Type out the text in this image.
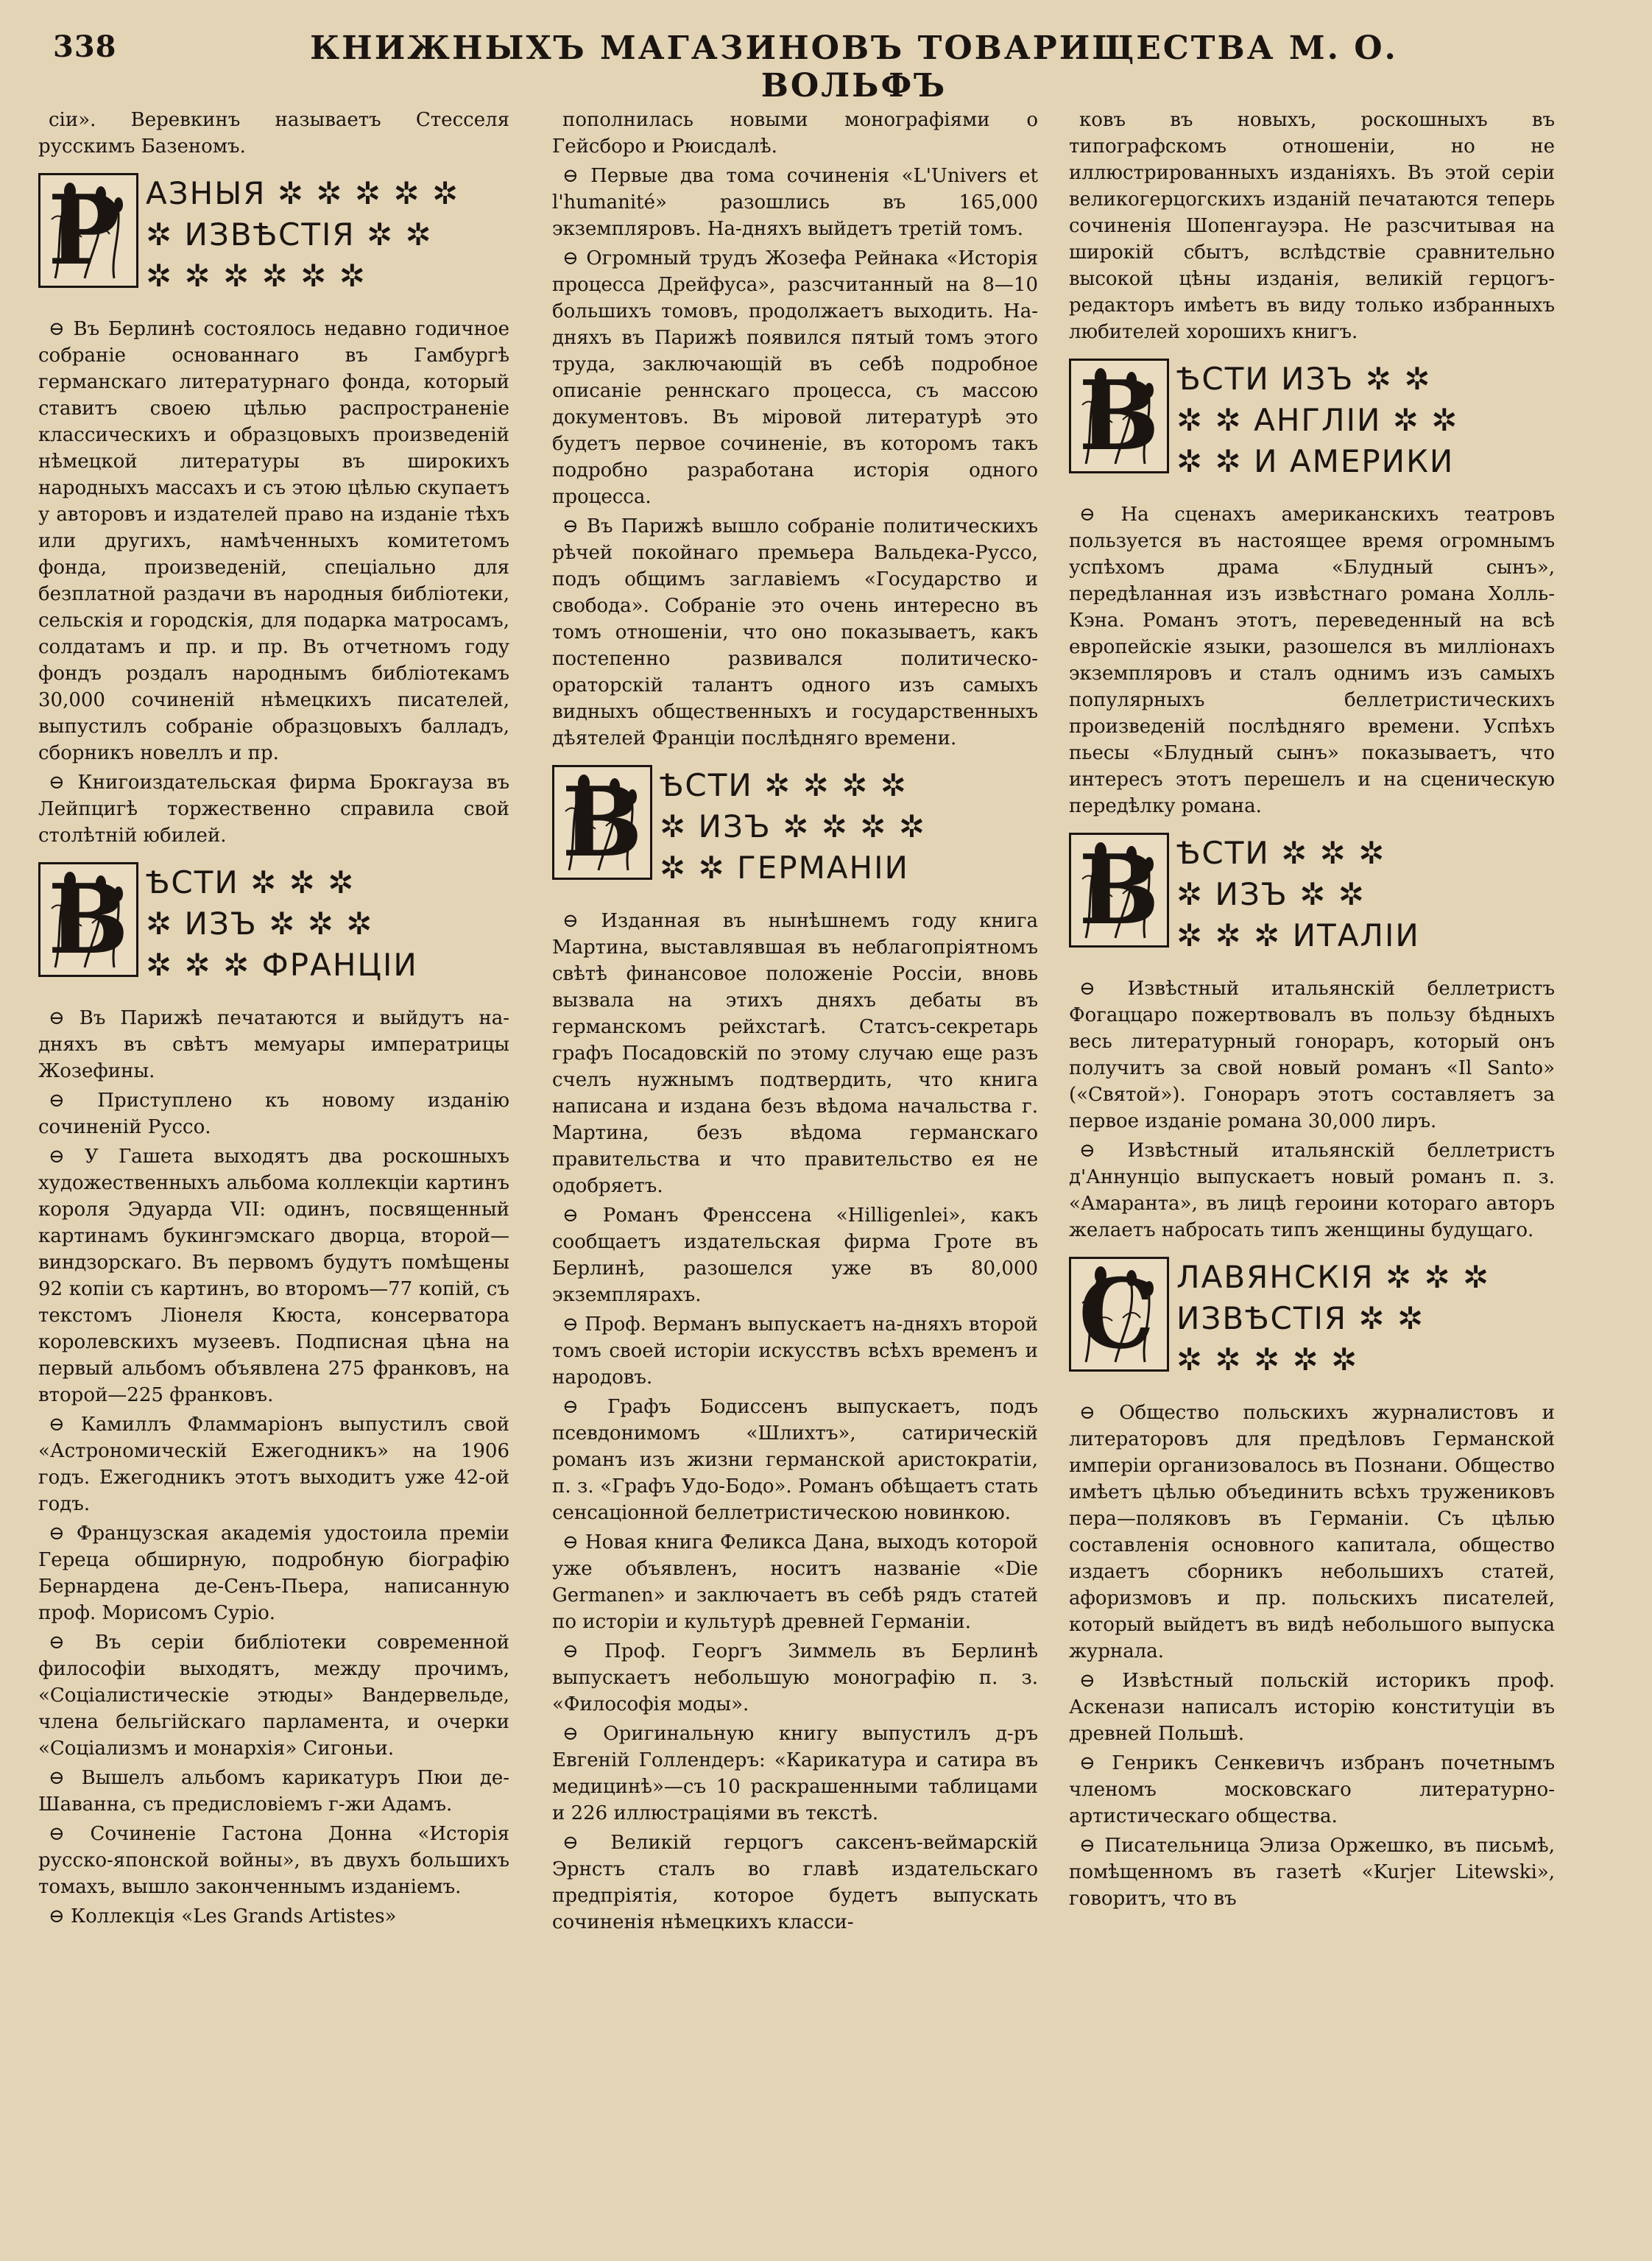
338	КНИЖНЫХЪ МАГАЗИНОВЪ ТОВАРИЩЕСТВА М. О. ВОЛЬФЪ

сіи». Веревкинъ называетъ Стесселя русскимъ Базеномъ.

Р АЗНЫЯ ✲ ✲ ✲ ✲ ✲
✲ ИЗВѢСТІЯ ✲ ✲
✲ ✲ ✲ ✲ ✲ ✲

⊖ Въ Берлинѣ состоялось недавно годичное собраніе основаннаго въ Гамбургѣ германскаго литературнаго фонда, который ставитъ своею цѣлью распространеніе классическихъ и образцовыхъ произведеній нѣмецкой литературы въ широкихъ народныхъ массахъ и съ этою цѣлью скупаетъ у авторовъ и издателей право на изданіе тѣхъ или другихъ, намѣченныхъ комитетомъ фонда, произведеній, спеціально для безплатной раздачи въ народныя библіотеки, сельскія и городскія, для подарка матросамъ, солдатамъ и пр. и пр. Въ отчетномъ году фондъ роздалъ народнымъ библіотекамъ 30,000 сочиненій нѣмецкихъ писателей, выпустилъ собраніе образцовыхъ балладъ, сборникъ новеллъ и пр.

⊖ Книгоиздательская фирма Брокгауза въ Лейпцигѣ торжественно справила свой столѣтній юбилей.

В ѢСТИ ✲ ✲ ✲
✲ ИЗЪ ✲ ✲ ✲
✲ ✲ ✲ ФРАНЦІИ

⊖ Въ Парижѣ печатаются и выйдутъ на-дняхъ въ свѣтъ мемуары императрицы Жозефины.

⊖ Приступлено къ новому изданію сочиненій Руссо.

⊖ У Гашета выходятъ два роскошныхъ художественныхъ альбома коллекціи картинъ короля Эдуарда VII: одинъ, посвященный картинамъ букингэмскаго дворца, второй—виндзорскаго. Въ первомъ будутъ помѣщены 92 копіи съ картинъ, во второмъ—77 копій, съ текстомъ Ліонеля Кюста, консерватора королевскихъ музеевъ. Подписная цѣна на первый альбомъ объявлена 275 франковъ, на второй—225 франковъ.

⊖ Камиллъ Фламмаріонъ выпустилъ свой «Астрономическій Ежегодникъ» на 1906 годъ. Ежегодникъ этотъ выходитъ уже 42-ой годъ.

⊖ Французская академія удостоила преміи Гереца обширную, подробную біографію Бернардена де-Сенъ-Пьера, написанную проф. Морисомъ Суріо.

⊖ Въ серіи библіотеки современной философіи выходятъ, между прочимъ, «Соціалистическіе этюды» Вандервельде, члена бельгійскаго парламента, и очерки «Соціализмъ и монархія» Сигоньи.

⊖ Вышелъ альбомъ карикатуръ Пюи де-Шаванна, съ предисловіемъ г-жи Адамъ.

⊖ Сочиненіе Гастона Донна «Исторія русско-японской войны», въ двухъ большихъ томахъ, вышло законченнымъ изданіемъ.

⊖ Коллекція «Les Grands Artistes»

пополнилась новыми монографіями о Гейсборо и Рюисдалѣ.

⊖ Первые два тома сочиненія «L'Univers et l'humanité» разошлись въ 165,000 экземпляровъ. На-дняхъ выйдетъ третій томъ.

⊖ Огромный трудъ Жозефа Рейнака «Исторія процесса Дрейфуса», разсчитанный на 8—10 большихъ томовъ, продолжаетъ выходить. На-дняхъ въ Парижѣ появился пятый томъ этого труда, заключающій въ себѣ подробное описаніе реннскаго процесса, съ массою документовъ. Въ міровой литературѣ это будетъ первое сочиненіе, въ которомъ такъ подробно разработана исторія одного процесса.

⊖ Въ Парижѣ вышло собраніе политическихъ рѣчей покойнаго премьера Вальдека-Руссо, подъ общимъ заглавіемъ «Государство и свобода». Собраніе это очень интересно въ томъ отношеніи, что оно показываетъ, какъ постепенно развивался политическо-ораторскій талантъ одного изъ самыхъ видныхъ общественныхъ и государственныхъ дѣятелей Франціи послѣдняго времени.

В ѢСТИ ✲ ✲ ✲ ✲
✲ ИЗЪ ✲ ✲ ✲ ✲
✲ ✲ ГЕРМАНІИ

⊖ Изданная въ нынѣшнемъ году книга Мартина, выставлявшая въ неблагопріятномъ свѣтѣ финансовое положеніе Россіи, вновь вызвала на этихъ дняхъ дебаты въ германскомъ рейхстагѣ. Статсъ-секретарь графъ Посадовскій по этому случаю еще разъ счелъ нужнымъ подтвердить, что книга написана и издана безъ вѣдома начальства г. Мартина, безъ вѣдома германскаго правительства и что правительство ея не одобряетъ.

⊖ Романъ Френссена «Hilligenlei», какъ сообщаетъ издательская фирма Гроте въ Берлинѣ, разошелся уже въ 80,000 экземплярахъ.

⊖ Проф. Верманъ выпускаетъ на-дняхъ второй томъ своей исторіи искусствъ всѣхъ временъ и народовъ.

⊖ Графъ Бодиссенъ выпускаетъ, подъ псевдонимомъ «Шлихтъ», сатирическій романъ изъ жизни германской аристократіи, п. з. «Графъ Удо-Бодо». Романъ обѣщаетъ стать сенсаціонной беллетристическою новинкою.

⊖ Новая книга Феликса Дана, выходъ которой уже объявленъ, носитъ названіе «Die Germanen» и заключаетъ въ себѣ рядъ статей по исторіи и культурѣ древней Германіи.

⊖ Проф. Георгъ Зиммель въ Берлинѣ выпускаетъ небольшую монографію п. з. «Философія моды».

⊖ Оригинальную книгу выпустилъ д-ръ Евгеній Голлендеръ: «Карикатура и сатира въ медицинѣ»—съ 10 раскрашенными таблицами и 226 иллюстраціями въ текстѣ.

⊖ Великій герцогъ саксенъ-веймарскій Эрнстъ сталъ во главѣ издательскаго предпріятія, которое будетъ выпускать сочиненія нѣмецкихъ класси-

ковъ въ новыхъ, роскошныхъ въ типографскомъ отношеніи, но не иллюстрированныхъ изданіяхъ. Въ этой серіи великогерцогскихъ изданій печатаются теперь сочиненія Шопенгауэра. Не разсчитывая на широкій сбытъ, вслѣдствіе сравнительно высокой цѣны изданія, великій герцогъ-редакторъ имѣетъ въ виду только избранныхъ любителей хорошихъ книгъ.

В ѢСТИ ИЗЪ ✲ ✲
✲ ✲ АНГЛІИ ✲ ✲
✲ ✲ И АМЕРИКИ

⊖ На сценахъ американскихъ театровъ пользуется въ настоящее время огромнымъ успѣхомъ драма «Блудный сынъ», передѣланная изъ извѣстнаго романа Холль-Кэна. Романъ этотъ, переведенный на всѣ европейскіе языки, разошелся въ милліонахъ экземпляровъ и сталъ однимъ изъ самыхъ популярныхъ беллетристическихъ произведеній послѣдняго времени. Успѣхъ пьесы «Блудный сынъ» показываетъ, что интересъ этотъ перешелъ и на сценическую передѣлку романа.

В ѢСТИ ✲ ✲ ✲
✲ ИЗЪ ✲ ✲
✲ ✲ ✲ ИТАЛІИ

⊖ Извѣстный итальянскій беллетристъ Фогаццаро пожертвовалъ въ пользу бѣдныхъ весь литературный гонораръ, который онъ получитъ за свой новый романъ «Il Santo» («Святой»). Гонораръ этотъ составляетъ за первое изданіе романа 30,000 лиръ.

⊖ Извѣстный итальянскій беллетристъ д'Аннунціо выпускаетъ новый романъ п. з. «Амаранта», въ лицѣ героини котораго авторъ желаетъ набросать типъ женщины будущаго.

С ЛАВЯНСКІЯ ✲ ✲ ✲
ИЗВѢСТІЯ ✲ ✲
✲ ✲ ✲ ✲ ✲

⊖ Общество польскихъ журналистовъ и литераторовъ для предѣловъ Германской имперіи организовалось въ Познани. Общество имѣетъ цѣлью объединить всѣхъ тружениковъ пера—поляковъ въ Германіи. Съ цѣлью составленія основного капитала, общество издаетъ сборникъ небольшихъ статей, афоризмовъ и пр. польскихъ писателей, который выйдетъ въ видѣ небольшого выпуска журнала.

⊖ Извѣстный польскій историкъ проф. Аскенази написалъ исторію конституціи въ древней Польшѣ.

⊖ Генрикъ Сенкевичъ избранъ почетнымъ членомъ московскаго литературно-артистическаго общества.

⊖ Писательница Элиза Оржешко, въ письмѣ, помѣщенномъ въ газетѣ «Kurjer Litewski», говоритъ, что въ
